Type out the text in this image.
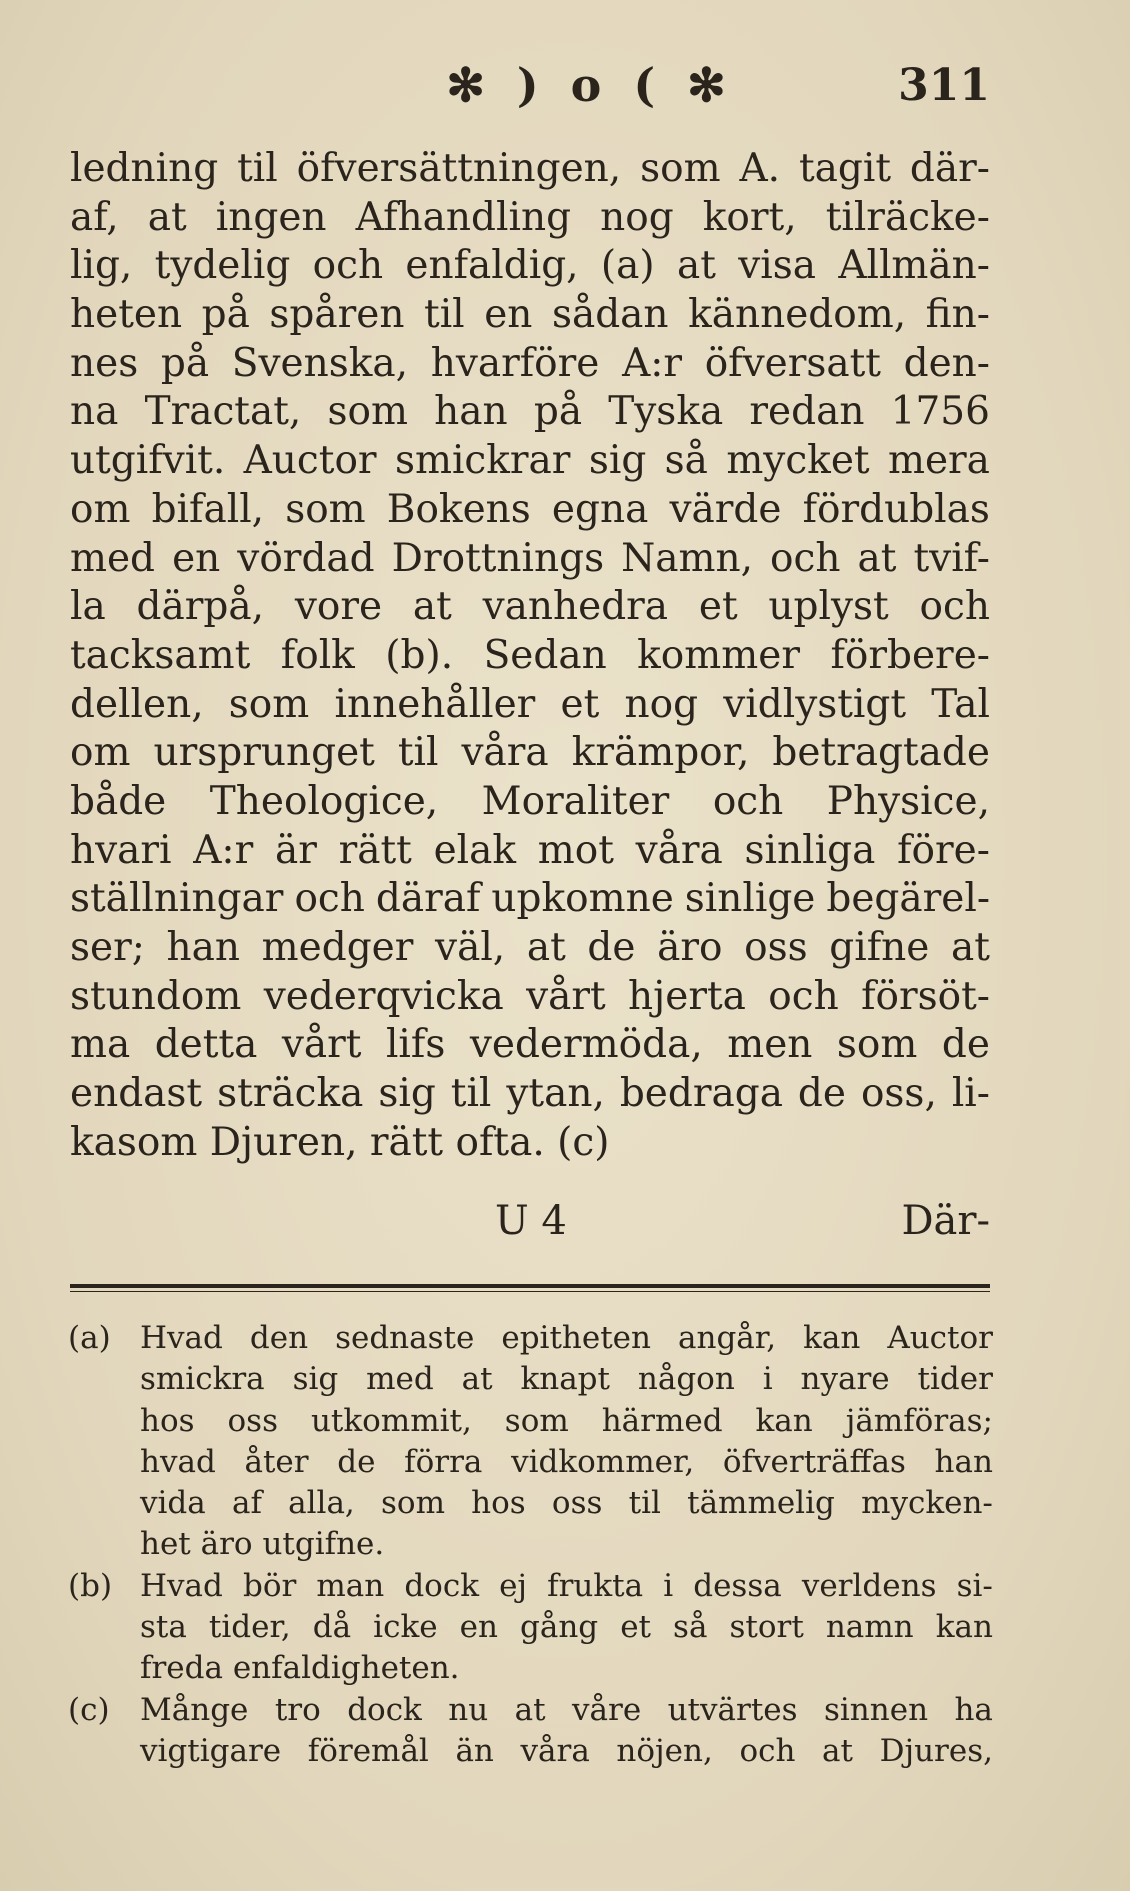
✻ ) o ( ✻	311
ledning til öfversättningen, som A. tagit där-
af, at ingen Afhandling nog kort, tilräcke-
lig, tydelig och enfaldig, (a) at visa Allmän-
heten på spåren til en sådan kännedom, fin-
nes på Svenska, hvarföre A:r öfversatt den-
na Tractat, som han på Tyska redan 1756
utgifvit. Auctor smickrar sig så mycket mera
om bifall, som Bokens egna värde fördublas
med en vördad Drottnings Namn, och at tvif-
la därpå, vore at vanhedra et uplyst och
tacksamt folk (b). Sedan kommer förbere-
dellen, som innehåller et nog vidlystigt Tal
om ursprunget til våra krämpor, betragtade
både Theologice, Moraliter och Physice,
hvari A:r är rätt elak mot våra sinliga före-
ställningar och däraf upkomne sinlige begärel-
ser; han medger väl, at de äro oss gifne at
stundom vederqvicka vårt hjerta och försöt-
ma detta vårt lifs vedermöda, men som de
endast sträcka sig til ytan, bedraga de oss, li-
kasom Djuren, rätt ofta. (c)
U 4	Där-
(a) Hvad den sednaste epitheten angår, kan Auctor
smickra sig med at knapt någon i nyare tider
hos oss utkommit, som härmed kan jämföras;
hvad åter de förra vidkommer, öfverträffas han
vida af alla, som hos oss til tämmelig mycken-
het äro utgifne.
(b) Hvad bör man dock ej frukta i dessa verldens si-
sta tider, då icke en gång et så stort namn kan
freda enfaldigheten.
(c) Månge tro dock nu at våre utvärtes sinnen ha
vigtigare föremål än våra nöjen, och at Djures,
